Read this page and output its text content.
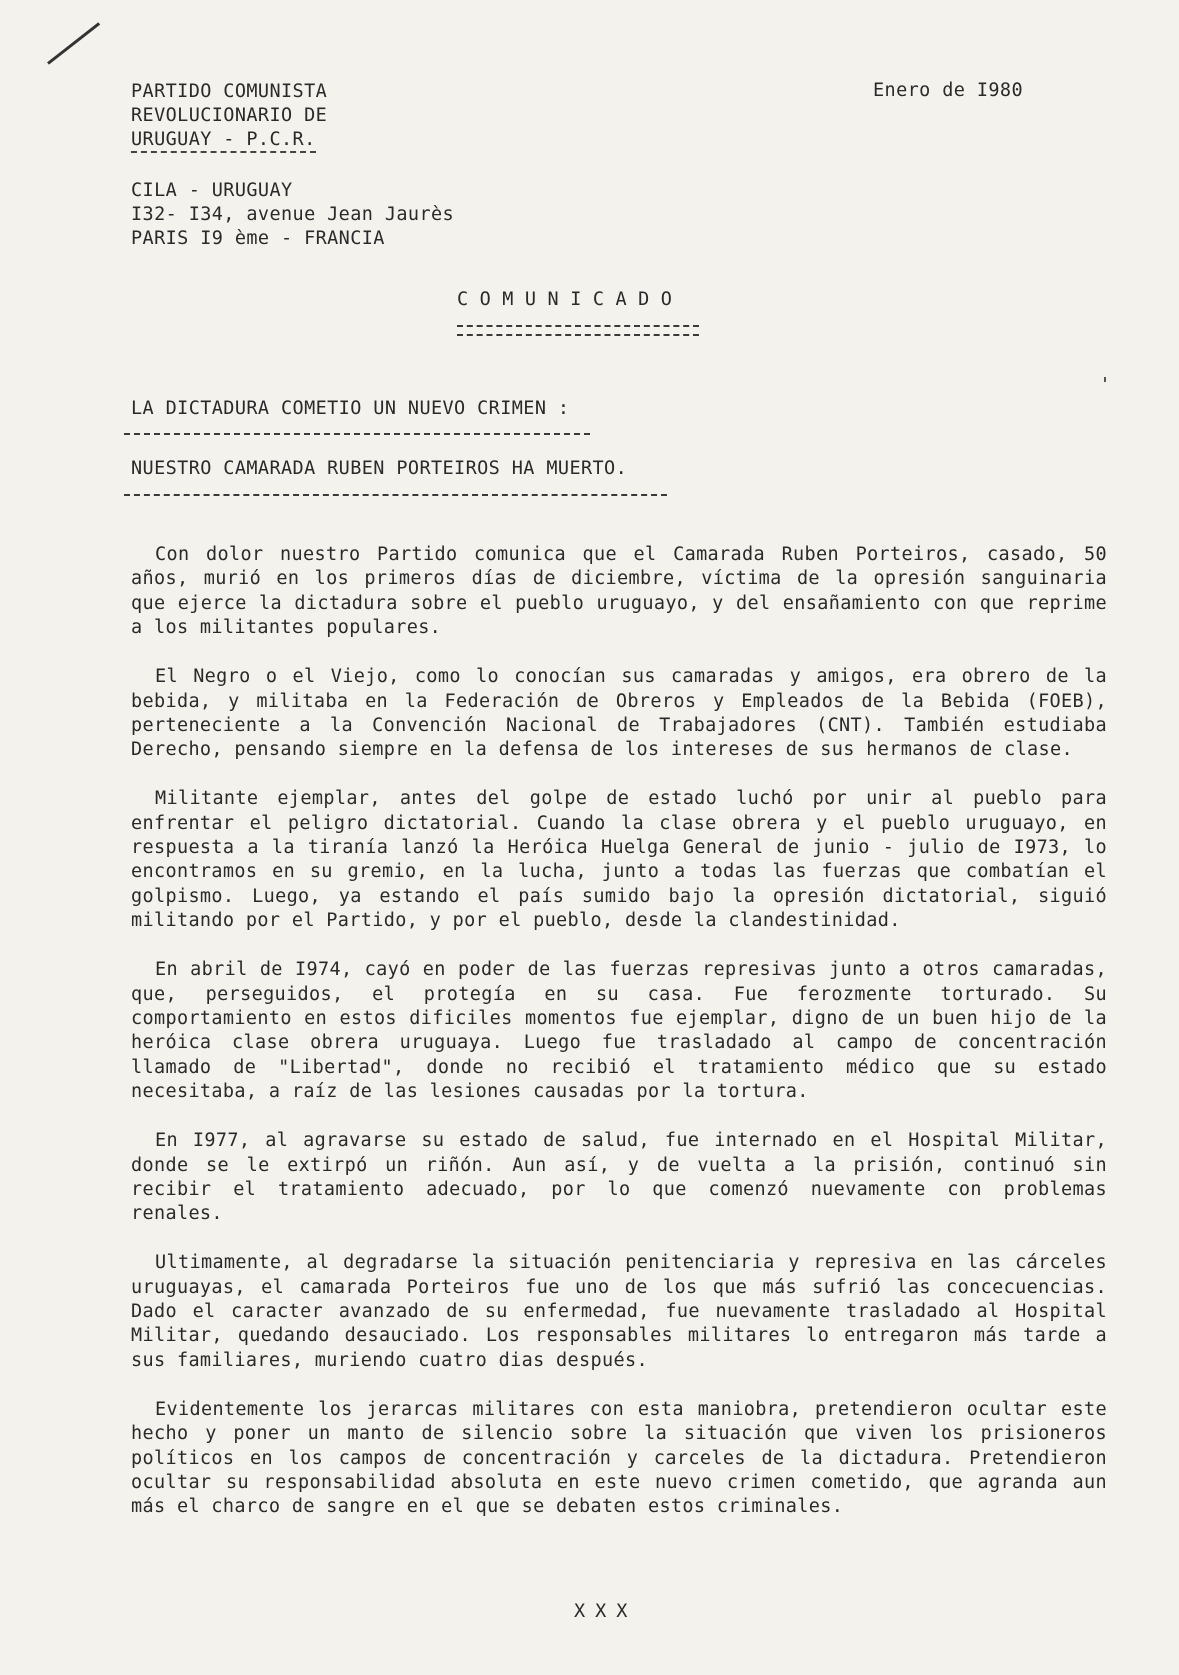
PARTIDO COMUNISTA
REVOLUCIONARIO DE
URUGUAY - P.C.R.
Enero de I980
CILA - URUGUAY
I32- I34, avenue Jean Jaurès
PARIS I9 ème - FRANCIA
COMUNICADO
LA DICTADURA COMETIO UN NUEVO CRIMEN :
NUESTRO CAMARADA RUBEN PORTEIROS HA MUERTO.

Con dolor nuestro Partido comunica que el Camarada Ruben Porteiros, casado, 50 años, murió en los primeros días de diciembre, víctima de la opresión sanguinaria que ejerce la dictadura sobre el pueblo uruguayo, y del ensañamiento con que reprime a los militantes populares.

El Negro o el Viejo, como lo conocían sus camaradas y amigos, era obrero de la bebida, y militaba en la Federación de Obreros y Empleados de la Bebida (FOEB), perteneciente a la Convención Nacional de Trabajadores (CNT). También estudiaba Derecho, pensando siempre en la defensa de los intereses de sus hermanos de clase.

Militante ejemplar, antes del golpe de estado luchó por unir al pueblo para enfrentar el peligro dictatorial. Cuando la clase obrera y el pueblo uruguayo, en respuesta a la tiranía lanzó la Heróica Huelga General de junio - julio de I973, lo encontramos en su gremio, en la lucha, junto a todas las fuerzas que combatían el golpismo. Luego, ya estando el país sumido bajo la opresión dictatorial, siguió militando por el Partido, y por el pueblo, desde la clandestinidad.

En abril de I974, cayó en poder de las fuerzas represivas junto a otros camaradas, que, perseguidos, el protegía en su casa. Fue ferozmente torturado. Su comportamiento en estos dificiles momentos fue ejemplar, digno de un buen hijo de la heróica clase obrera uruguaya. Luego fue trasladado al campo de concentración llamado de "Libertad", donde no recibió el tratamiento médico que su estado necesitaba, a raíz de las lesiones causadas por la tortura.

En I977, al agravarse su estado de salud, fue internado en el Hospital Militar, donde se le extirpó un riñón. Aun así, y de vuelta a la prisión, continuó sin recibir el tratamiento adecuado, por lo que comenzó nuevamente con problemas renales.

Ultimamente, al degradarse la situación penitenciaria y represiva en las cárceles uruguayas, el camarada Porteiros fue uno de los que más sufrió las concecuencias. Dado el caracter avanzado de su enfermedad, fue nuevamente trasladado al Hospital Militar, quedando desauciado. Los responsables militares lo entregaron más tarde a sus familiares, muriendo cuatro dias después.

Evidentemente los jerarcas militares con esta maniobra, pretendieron ocultar este hecho y poner un manto de silencio sobre la situación que viven los prisioneros políticos en los campos de concentración y carceles de la dictadura. Pretendieron ocultar su responsabilidad absoluta en este nuevo crimen cometido, que agranda aun más el charco de sangre en el que se debaten estos criminales.

XXX
